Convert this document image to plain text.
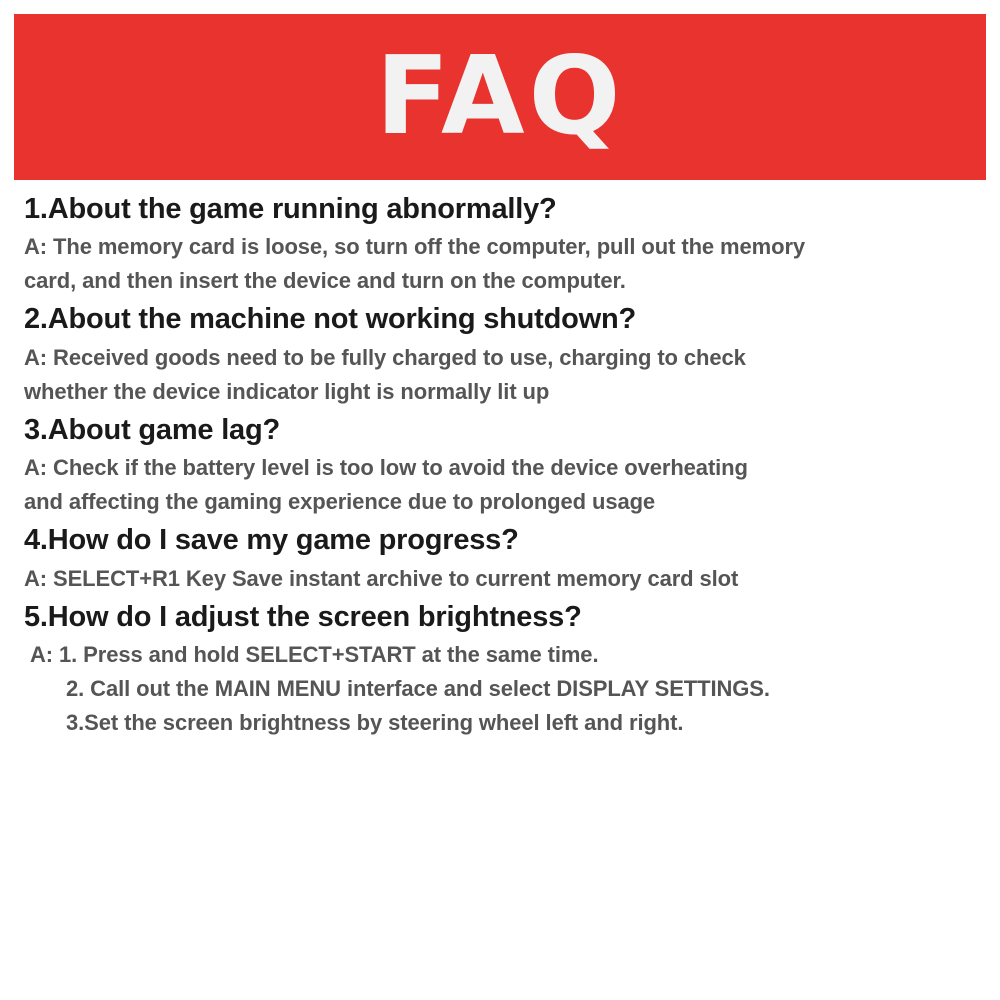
FAQ

1.About the game running abnormally?

A: The memory card is loose, so turn off the computer, pull out the memory
card, and then insert the device and turn on the computer.

2.About the machine not working shutdown?

A: Received goods need to be fully charged to use, charging to check
whether the device indicator light is normally lit up

3.About game lag?

A: Check if the battery level is too low to avoid the device overheating
and affecting the gaming experience due to prolonged usage

4.How do I save my game progress?

A: SELECT+R1 Key Save instant archive to current memory card slot

5.How do I adjust the screen brightness?

A: 1. Press and hold SELECT+START at the same time.
2. Call out the MAIN MENU interface and select DISPLAY SETTINGS.
3.Set the screen brightness by steering wheel left and right.
